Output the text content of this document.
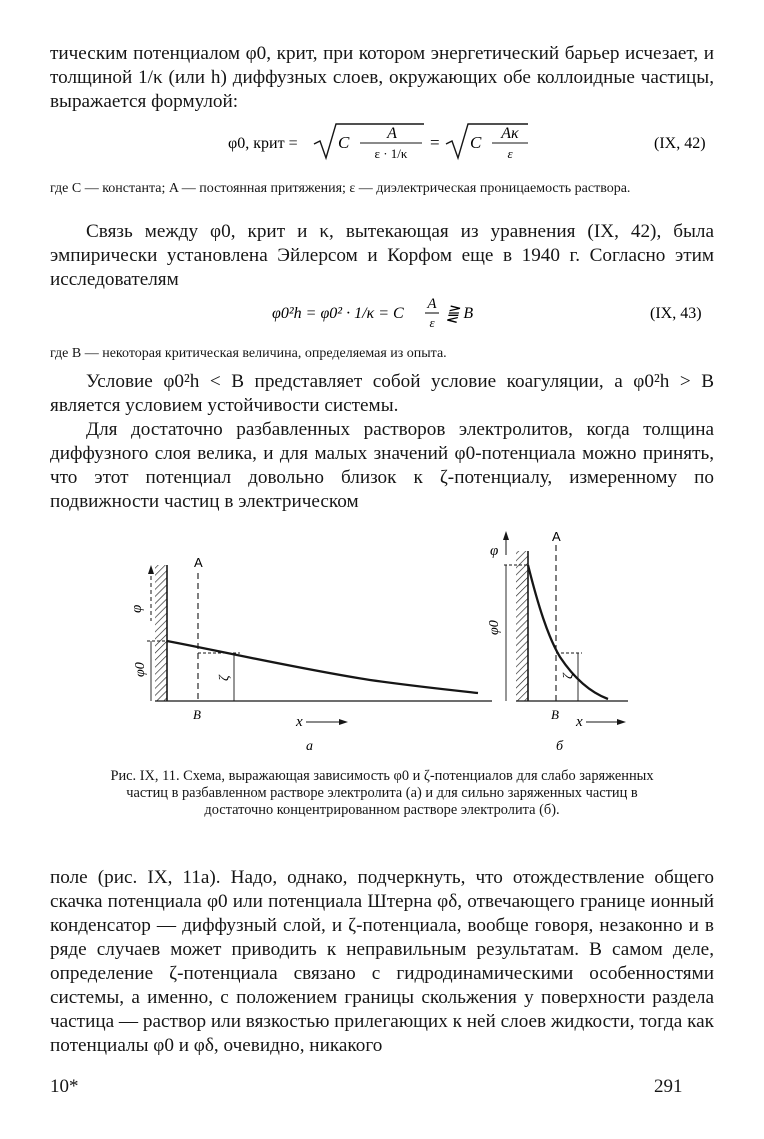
тическим потенциалом φ0, крит, при котором энергетический барьер исчезает, и толщиной 1/κ (или h) диффузных слоев, окружающих обе коллоидные частицы, выражается формулой:

φ0, крит = C A
ε · 1/κ
= C Aκ
ε
(IX, 42)

где C — константа; A — постоянная притяжения; ε — диэлектрическая проницаемость раствора.

Связь между φ0, крит и κ, вытекающая из уравнения (IX, 42), была эмпирически установлена Эйлерсом и Корфом еще в 1940 г. Согласно этим исследователям

φ0²h = φ0² · 1/κ = C
A
ε
⪌ B	(IX, 43)

где B — некоторая критическая величина, определяемая из опыта.

Условие φ0²h < B представляет собой условие коагуляции, а φ0²h > B является условием устойчивости системы.

Для достаточно разбавленных растворов электролитов, когда толщина диффузного слоя велика, и для малых значений φ0-потенциала можно принять, что этот потенциал довольно близок к ζ-потенциалу, измеренному по подвижности частиц в электрическом

φ
φ0
ζ
A
B	x
а
φ
φ0
ζ
A
B x
б

Рис. IX, 11. Схема, выражающая зависимость φ0 и ζ-потенциалов для слабо заряженных частиц в разбавленном растворе электролита (а) и для сильно заряженных частиц в достаточно концентрированном растворе электролита (б).

поле (рис. IX, 11а). Надо, однако, подчеркнуть, что отождествление общего скачка потенциала φ0 или потенциала Штерна φδ, отвечающего границе ионный конденсатор — диффузный слой, и ζ-потенциала, вообще говоря, незаконно и в ряде случаев может приводить к неправильным результатам. В самом деле, определение ζ-потенциала связано с гидродинамическими особенностями системы, а именно, с положением границы скольжения у поверхности раздела частица — раствор или вязкостью прилегающих к ней слоев жидкости, тогда как потенциалы φ0 и φδ, очевидно, никакого

10*	291
